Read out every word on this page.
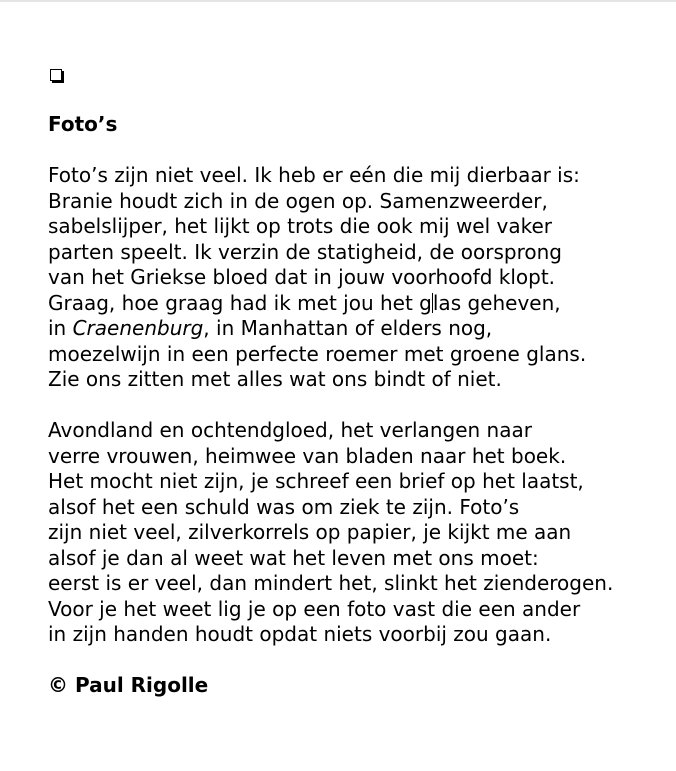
Foto’s
Foto’s zijn niet veel. Ik heb er eén die mij dierbaar is:
Branie houdt zich in de ogen op. Samenzweerder,
sabelslijper, het lijkt op trots die ook mij wel vaker
parten speelt. Ik verzin de statigheid, de oorsprong
van het Griekse bloed dat in jouw voorhoofd klopt.
Graag, hoe graag had ik met jou het glas geheven,
in Craenenburg, in Manhattan of elders nog,
moezelwijn in een perfecte roemer met groene glans.
Zie ons zitten met alles wat ons bindt of niet.
Avondland en ochtendgloed, het verlangen naar
verre vrouwen, heimwee van bladen naar het boek.
Het mocht niet zijn, je schreef een brief op het laatst,
alsof het een schuld was om ziek te zijn. Foto’s
zijn niet veel, zilverkorrels op papier, je kijkt me aan
alsof je dan al weet wat het leven met ons moet:
eerst is er veel, dan mindert het, slinkt het zienderogen.
Voor je het weet lig je op een foto vast die een ander
in zijn handen houdt opdat niets voorbij zou gaan.
© Paul Rigolle
